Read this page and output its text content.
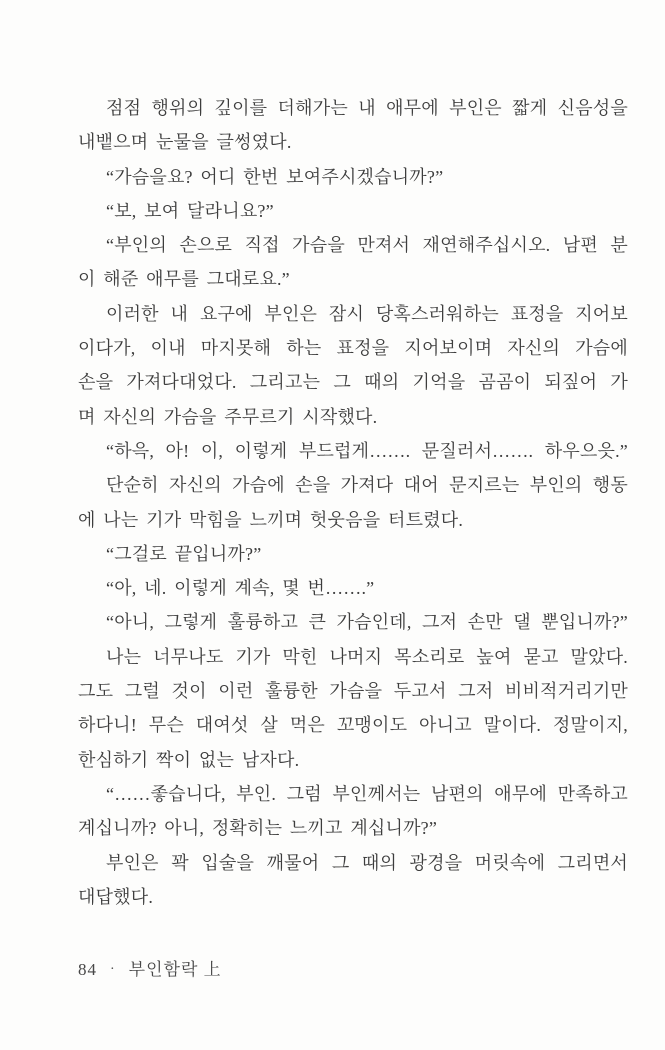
점점 행위의 깊이를 더해가는 내 애무에 부인은 짧게 신음성을

내뱉으며 눈물을 글썽였다.

“가슴을요? 어디 한번 보여주시겠습니까?”

“보, 보여 달라니요?”

“부인의 손으로 직접 가슴을 만져서 재연해주십시오. 남편 분

이 해준 애무를 그대로요.”

이러한 내 요구에 부인은 잠시 당혹스러워하는 표정을 지어보

이다가, 이내 마지못해 하는 표정을 지어보이며 자신의 가슴에

손을 가져다대었다. 그리고는 그 때의 기억을 곰곰이 되짚어 가

며 자신의 가슴을 주무르기 시작했다.

“하윽, 아! 이, 이렇게 부드럽게……. 문질러서……. 하우으읏.”

단순히 자신의 가슴에 손을 가져다 대어 문지르는 부인의 행동

에 나는 기가 막힘을 느끼며 헛웃음을 터트렸다.

“그걸로 끝입니까?”

“아, 네. 이렇게 계속, 몇 번…….”

“아니, 그렇게 훌륭하고 큰 가슴인데, 그저 손만 댈 뿐입니까?”

나는 너무나도 기가 막힌 나머지 목소리로 높여 묻고 말았다.

그도 그럴 것이 이런 훌륭한 가슴을 두고서 그저 비비적거리기만

하다니! 무슨 대여섯 살 먹은 꼬맹이도 아니고 말이다. 정말이지,

한심하기 짝이 없는 남자다.

“……좋습니다, 부인. 그럼 부인께서는 남편의 애무에 만족하고

계십니까? 아니, 정확히는 느끼고 계십니까?”

부인은 꽉 입술을 깨물어 그 때의 광경을 머릿속에 그리면서

대답했다.

84 · 부인함락 上
